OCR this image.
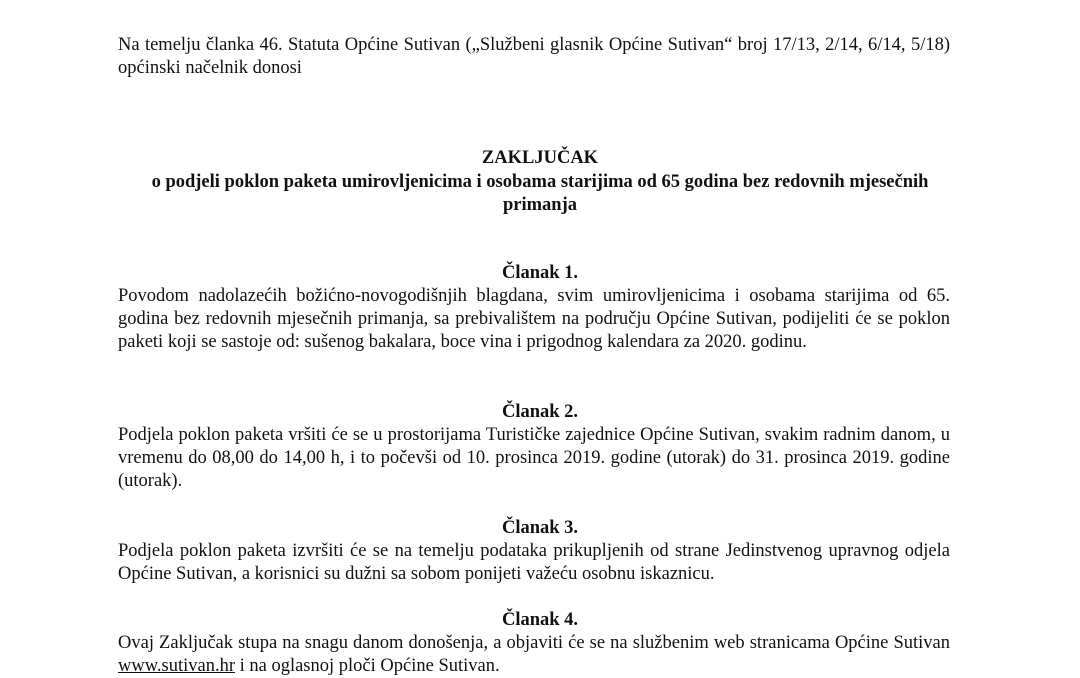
Na temelju članka 46. Statuta Općine Sutivan („Službeni glasnik Općine Sutivan“ broj 17/13, 2/14, 6/14, 5/18) općinski načelnik donosi
ZAKLJUČAK
o podjeli poklon paketa umirovljenicima i osobama starijima od 65 godina bez redovnih mjesečnih primanja
Članak 1.
Povodom nadolazećih božićno-novogodišnjih blagdana, svim umirovljenicima i osobama starijima od 65. godina bez redovnih mjesečnih primanja, sa prebivalištem na području Općine Sutivan, podijeliti će se poklon paketi koji se sastoje od: sušenog bakalara, boce vina i prigodnog kalendara za 2020. godinu.
Članak 2.
Podjela poklon paketa vršiti će se u prostorijama Turističke zajednice Općine Sutivan, svakim radnim danom, u vremenu do 08,00 do 14,00 h, i to počevši od 10. prosinca 2019. godine (utorak) do 31. prosinca 2019. godine (utorak).
Članak 3.
Podjela poklon paketa izvršiti će se na temelju podataka prikupljenih od strane Jedinstvenog upravnog odjela Općine Sutivan, a korisnici su dužni sa sobom ponijeti važeću osobnu iskaznicu.
Članak 4.
Ovaj Zaključak stupa na snagu danom donošenja, a objaviti će se na službenim web stranicama Općine Sutivan www.sutivan.hr i na oglasnoj ploči Općine Sutivan.
